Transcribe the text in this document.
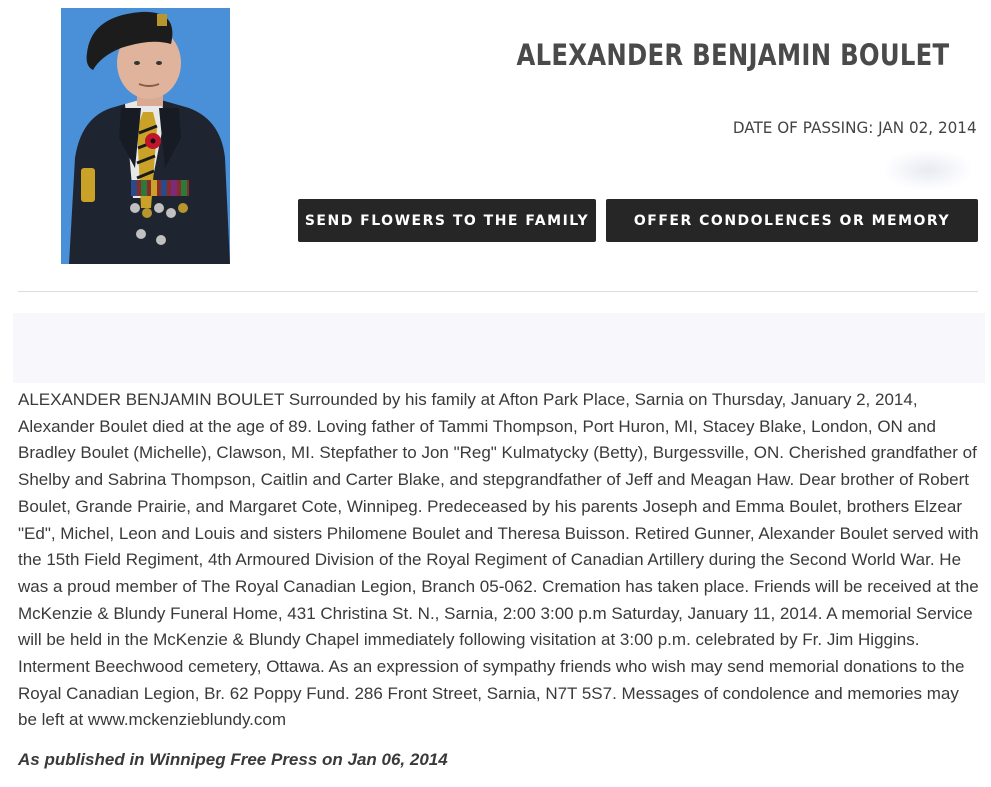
ALEXANDER BENJAMIN BOULET
DATE OF PASSING: JAN 02, 2014
SEND FLOWERS TO THE FAMILY	OFFER CONDOLENCES OR MEMORY

ALEXANDER BENJAMIN BOULET Surrounded by his family at Afton Park Place, Sarnia on Thursday, January 2, 2014, Alexander Boulet died at the age of 89. Loving father of Tammi Thompson, Port Huron, MI, Stacey Blake, London, ON and Bradley Boulet (Michelle), Clawson, MI. Stepfather to Jon "Reg" Kulmatycky (Betty), Burgessville, ON. Cherished grandfather of Shelby and Sabrina Thompson, Caitlin and Carter Blake, and stepgrandfather of Jeff and Meagan Haw. Dear brother of Robert Boulet, Grande Prairie, and Margaret Cote, Winnipeg. Predeceased by his parents Joseph and Emma Boulet, brothers Elzear "Ed", Michel, Leon and Louis and sisters Philomene Boulet and Theresa Buisson. Retired Gunner, Alexander Boulet served with the 15th Field Regiment, 4th Armoured Division of the Royal Regiment of Canadian Artillery during the Second World War. He was a proud member of The Royal Canadian Legion, Branch 05-062. Cremation has taken place. Friends will be received at the McKenzie & Blundy Funeral Home, 431 Christina St. N., Sarnia, 2:00 3:00 p.m Saturday, January 11, 2014. A memorial Service will be held in the McKenzie & Blundy Chapel immediately following visitation at 3:00 p.m. celebrated by Fr. Jim Higgins. Interment Beechwood cemetery, Ottawa. As an expression of sympathy friends who wish may send memorial donations to the Royal Canadian Legion, Br. 62 Poppy Fund. 286 Front Street, Sarnia, N7T 5S7. Messages of condolence and memories may be left at www.mckenzieblundy.com

As published in Winnipeg Free Press on Jan 06, 2014
